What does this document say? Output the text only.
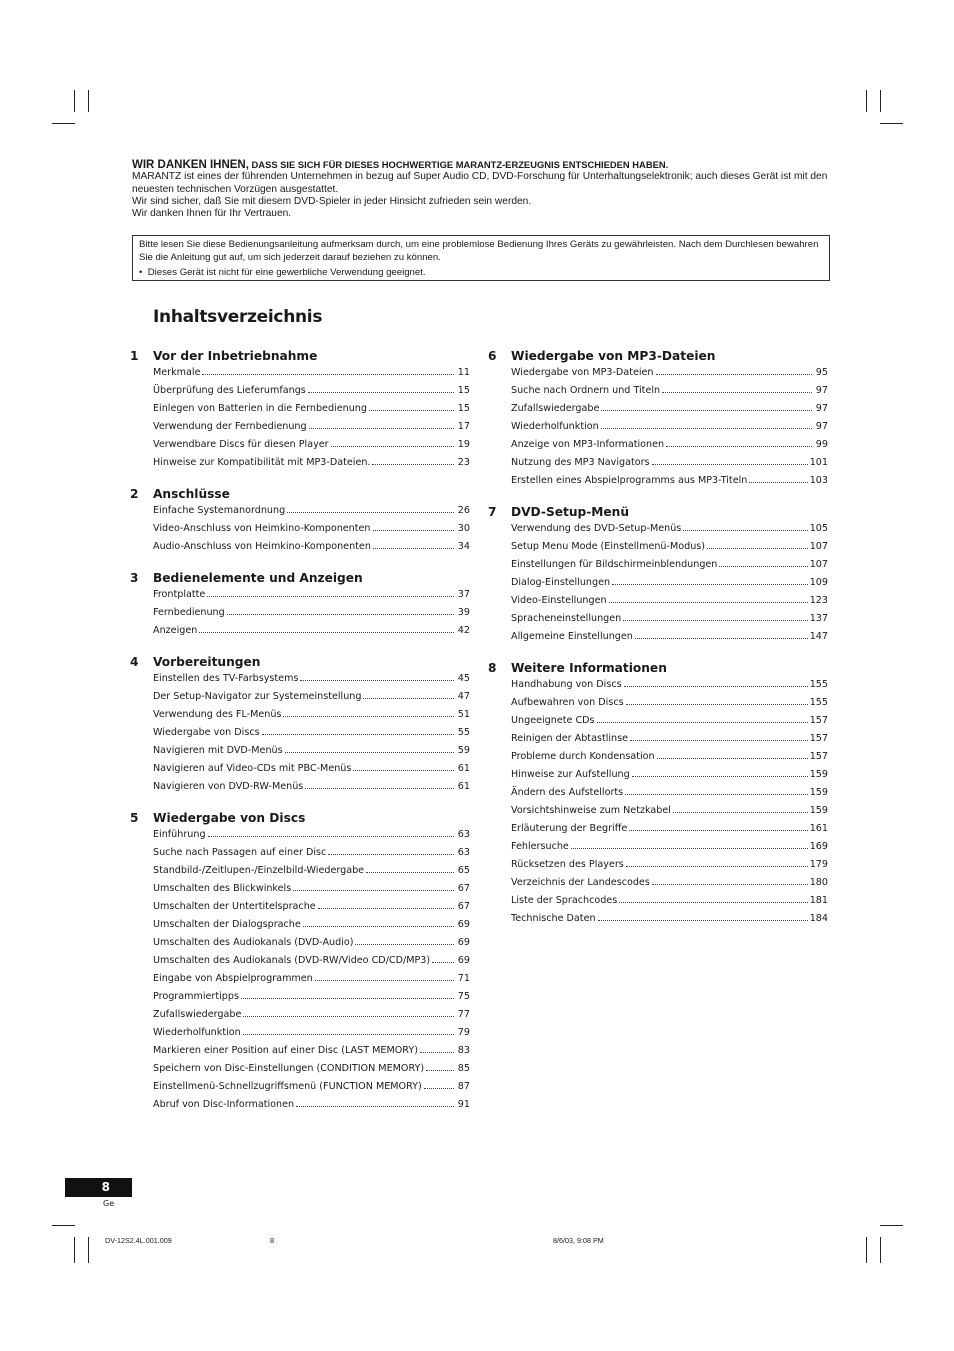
WIR DANKEN IHNEN, DASS SIE SICH FÜR DIESES HOCHWERTIGE MARANTZ-ERZEUGNIS ENTSCHIEDEN HABEN.

MARANTZ ist eines der führenden Unternehmen in bezug auf Super Audio CD, DVD-Forschung für Unterhaltungselektronik; auch dieses Gerät ist mit den neuesten technischen Vorzügen ausgestattet.

Wir sind sicher, daß Sie mit diesem DVD-Spieler in jeder Hinsicht zufrieden sein werden.

Wir danken Ihnen für Ihr Vertrauen.

Bitte lesen Sie diese Bedienungsanleitung aufmerksam durch, um eine problemlose Bedienung Ihres Geräts zu gewährleisten. Nach dem Durchlesen bewahren Sie die Anleitung gut auf, um sich jederzeit darauf beziehen zu können.

•  Dieses Gerät ist nicht für eine gewerbliche Verwendung geeignet.

Inhaltsverzeichnis
1	Vor der Inbetriebnahme
Merkmale	11
Überprüfung des Lieferumfangs	15
Einlegen von Batterien in die Fernbedienung	15
Verwendung der Fernbedienung	17
Verwendbare Discs für diesen Player	19
Hinweise zur Kompatibilität mit MP3-Dateien.	23
2	Anschlüsse
Einfache Systemanordnung	26
Video-Anschluss von Heimkino-Komponenten	30
Audio-Anschluss von Heimkino-Komponenten	34
3	Bedienelemente und Anzeigen
Frontplatte	37
Fernbedienung	39
Anzeigen	42
4	Vorbereitungen
Einstellen des TV-Farbsystems	45
Der Setup-Navigator zur Systemeinstellung	47
Verwendung des FL-Menüs	51
Wiedergabe von Discs	55
Navigieren mit DVD-Menüs	59
Navigieren auf Video-CDs mit PBC-Menüs	61
Navigieren von DVD-RW-Menüs	61
5	Wiedergabe von Discs
Einführung	63
Suche nach Passagen auf einer Disc	63
Standbild-/Zeitlupen-/Einzelbild-Wiedergabe	65
Umschalten des Blickwinkels	67
Umschalten der Untertitelsprache	67
Umschalten der Dialogsprache	69
Umschalten des Audiokanals (DVD-Audio)	69
Umschalten des Audiokanals (DVD-RW/Video CD/CD/MP3)	69
Eingabe von Abspielprogrammen	71
Programmiertipps	75
Zufallswiedergabe	77
Wiederholfunktion	79
Markieren einer Position auf einer Disc (LAST MEMORY)	83
Speichern von Disc-Einstellungen (CONDITION MEMORY)	85
Einstellmenü-Schnellzugriffsmenü (FUNCTION MEMORY)	87
Abruf von Disc-Informationen	91
6	Wiedergabe von MP3-Dateien
Wiedergabe von MP3-Dateien	95
Suche nach Ordnern und Titeln	97
Zufallswiedergabe	97
Wiederholfunktion	97
Anzeige von MP3-Informationen	99
Nutzung des MP3 Navigators	101
Erstellen eines Abspielprogramms aus MP3-Titeln	103
7	DVD-Setup-Menü
Verwendung des DVD-Setup-Menüs	105
Setup Menu Mode (Einstellmenü-Modus)	107
Einstellungen für Bildschirmeinblendungen	107
Dialog-Einstellungen	109
Video-Einstellungen	123
Spracheneinstellungen	137
Allgemeine Einstellungen	147
8	Weitere Informationen
Handhabung von Discs	155
Aufbewahren von Discs	155
Ungeeignete CDs	157
Reinigen der Abtastlinse	157
Probleme durch Kondensation	157
Hinweise zur Aufstellung	159
Ändern des Aufstellorts	159
Vorsichtshinweise zum Netzkabel	159
Erläuterung der Begriffe	161
Fehlersuche	169
Rücksetzen des Players	179
Verzeichnis der Landescodes	180
Liste der Sprachcodes	181
Technische Daten	184
8
Ge
DV-12S2.4L.001.009	8	8/6/03, 9:08 PM
